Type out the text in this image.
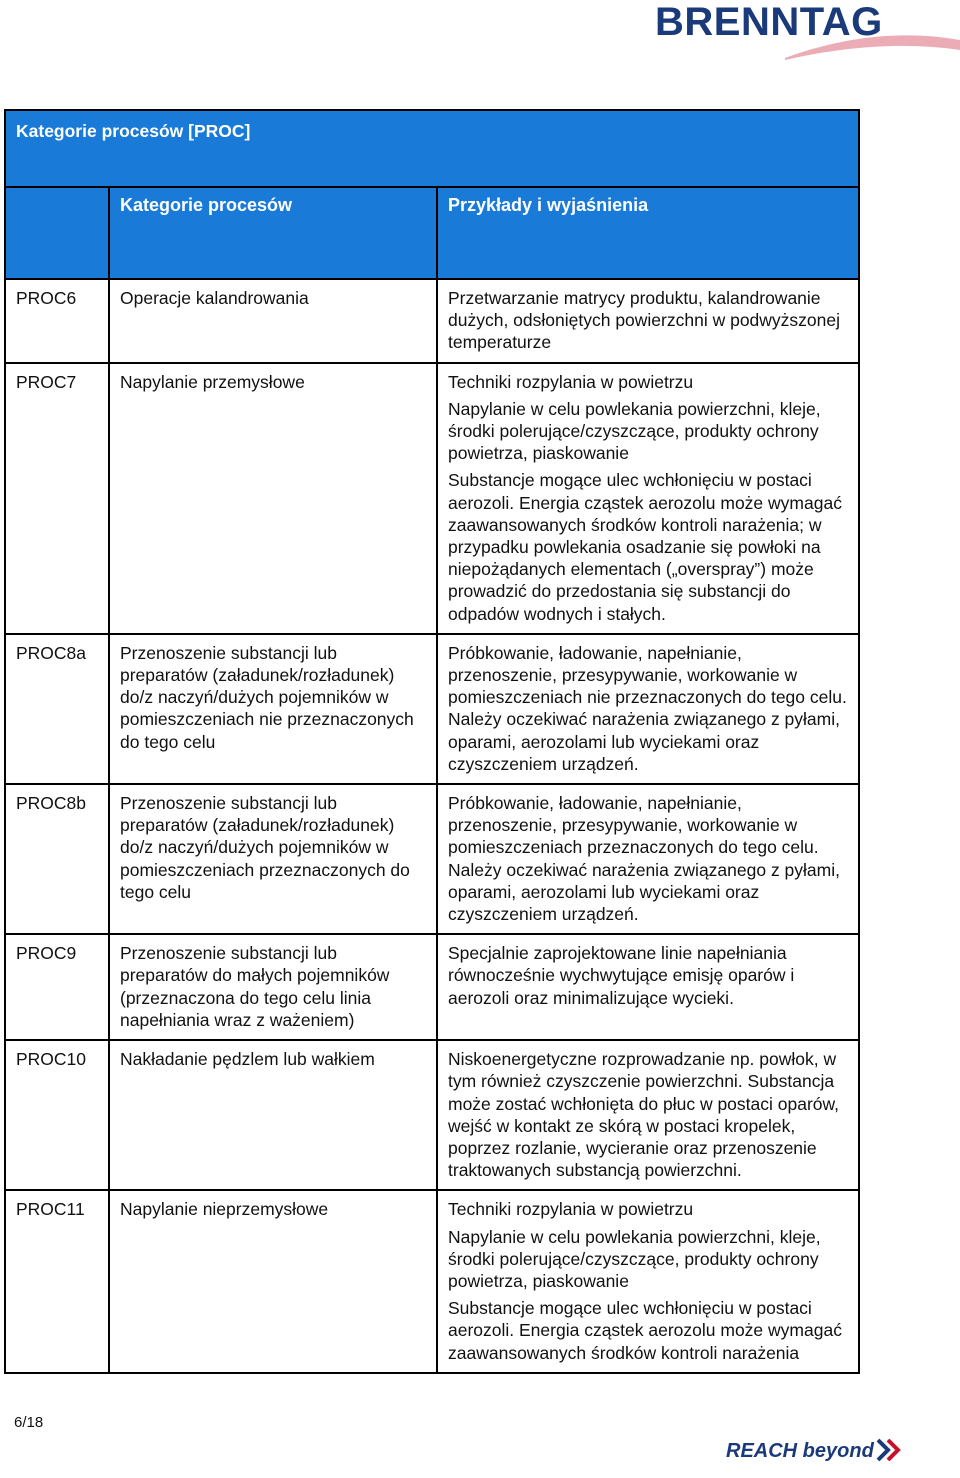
BRENNTAG
Kategorie procesów [PROC]		
	Kategorie procesów	Przykłady i wyjaśnienia
PROC6	Operacje kalandrowania	Przetwarzanie matrycy produktu, kalandrowanie dużych, odsłoniętych powierzchni w podwyższonej temperaturze

PROC7	Napylanie przemysłowe	Techniki rozpylania w powietrzu

Napylanie w celu powlekania powierzchni, kleje, środki polerujące/czyszczące, produkty ochrony powietrza, piaskowanie

Substancje mogące ulec wchłonięciu w postaci aerozoli. Energia cząstek aerozolu może wymagać zaawansowanych środków kontroli narażenia; w przypadku powlekania osadzanie się powłoki na niepożądanych elementach („overspray”) może prowadzić do przedostania się substancji do odpadów wodnych i stałych.

PROC8a	Przenoszenie substancji lub preparatów (załadunek/rozładunek) do/z naczyń/dużych pojemników w pomieszczeniach nie przeznaczonych do tego celu	Próbkowanie, ładowanie, napełnianie, przenoszenie, przesypywanie, workowanie w pomieszczeniach nie przeznaczonych do tego celu. Należy oczekiwać narażenia związanego z pyłami, oparami, aerozolami lub wyciekami oraz czyszczeniem urządzeń.

PROC8b	Przenoszenie substancji lub preparatów (załadunek/rozładunek) do/z naczyń/dużych pojemników w pomieszczeniach przeznaczonych do tego celu	Próbkowanie, ładowanie, napełnianie, przenoszenie, przesypywanie, workowanie w pomieszczeniach przeznaczonych do tego celu. Należy oczekiwać narażenia związanego z pyłami, oparami, aerozolami lub wyciekami oraz czyszczeniem urządzeń.

PROC9	Przenoszenie substancji lub preparatów do małych pojemników (przeznaczona do tego celu linia napełniania wraz z ważeniem)	Specjalnie zaprojektowane linie napełniania równocześnie wychwytujące emisję oparów i aerozoli oraz minimalizujące wycieki.

PROC10	Nakładanie pędzlem lub wałkiem	Niskoenergetyczne rozprowadzanie np. powłok, w tym również czyszczenie powierzchni. Substancja może zostać wchłonięta do płuc w postaci oparów, wejść w kontakt ze skórą w postaci kropelek, poprzez rozlanie, wycieranie oraz przenoszenie traktowanych substancją powierzchni.

PROC11	Napylanie nieprzemysłowe	Techniki rozpylania w powietrzu

Napylanie w celu powlekania powierzchni, kleje, środki polerujące/czyszczące, produkty ochrony powietrza, piaskowanie

Substancje mogące ulec wchłonięciu w postaci aerozoli. Energia cząstek aerozolu może wymagać zaawansowanych środków kontroli narażenia

6/18
REACH beyond
